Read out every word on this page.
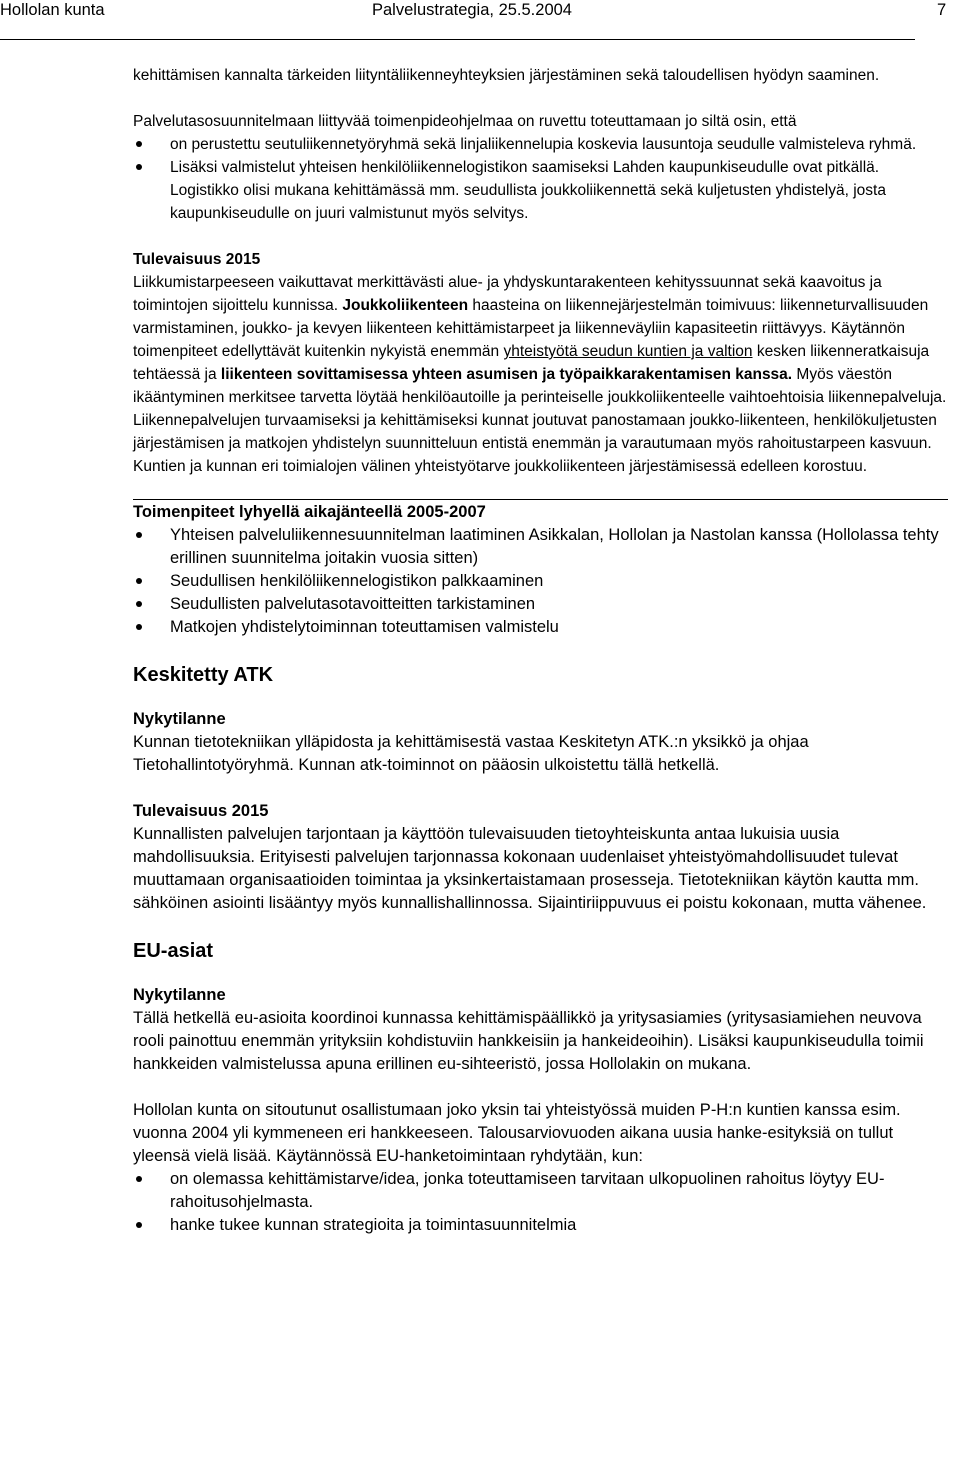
Hollolan kunta	Palvelustrategia, 25.5.2004	7

kehittämisen kannalta tärkeiden liityntäliikenneyhteyksien järjestäminen sekä taloudellisen hyödyn saaminen.

Palvelutasosuunnitelmaan liittyvää toimenpideohjelmaa on ruvettu toteuttamaan jo siltä osin, että

on perustettu seutuliikennetyöryhmä sekä linjaliikennelupia koskevia lausuntoja seudulle valmisteleva ryhmä.
Lisäksi valmistelut yhteisen henkilöliikennelogistikon saamiseksi Lahden kaupunkiseudulle ovat pitkällä. Logistikko olisi mukana kehittämässä mm. seudullista joukkoliikennettä sekä kuljetusten yhdistelyä, josta kaupunkiseudulle on juuri valmistunut myös selvitys.

Tulevaisuus 2015

Liikkumistarpeeseen vaikuttavat merkittävästi alue- ja yhdyskuntarakenteen kehityssuunnat sekä kaavoitus ja toimintojen sijoittelu kunnissa. Joukkoliikenteen haasteina on liikennejärjestelmän toimivuus: liikenneturvallisuuden varmistaminen, joukko- ja kevyen liikenteen kehittämistarpeet ja liikenneväyliin kapasiteetin riittävyys. Käytännön toimenpiteet edellyttävät kuitenkin nykyistä enemmän yhteistyötä seudun kuntien ja valtion kesken liikenneratkaisuja tehtäessä ja liikenteen sovittamisessa yhteen asumisen ja työpaikkarakentamisen kanssa. Myös väestön ikääntyminen merkitsee tarvetta löytää henkilöautoille ja perinteiselle joukkoliikenteelle vaihtoehtoisia liikennepalveluja. Liikennepalvelujen turvaamiseksi ja kehittämiseksi kunnat joutuvat panostamaan joukko-liikenteen, henkilökuljetusten järjestämisen ja matkojen yhdistelyn suunnitteluun entistä enemmän ja varautumaan myös rahoitustarpeen kasvuun. Kuntien ja kunnan eri toimialojen välinen yhteistyötarve joukkoliikenteen järjestämisessä edelleen korostuu.

Toimenpiteet lyhyellä aikajänteellä 2005-2007

Yhteisen palveluliikennesuunnitelman laatiminen Asikkalan, Hollolan ja Nastolan kanssa (Hollolassa tehty erillinen suunnitelma joitakin vuosia sitten)
Seudullisen henkilöliikennelogistikon palkkaaminen
Seudullisten palvelutasotavoitteitten tarkistaminen
Matkojen yhdistelytoiminnan toteuttamisen valmistelu

Keskitetty ATK

Nykytilanne

Kunnan tietotekniikan ylläpidosta ja kehittämisestä vastaa Keskitetyn ATK.:n yksikkö ja ohjaa Tietohallintotyöryhmä. Kunnan atk-toiminnot on pääosin ulkoistettu tällä hetkellä.

Tulevaisuus 2015

Kunnallisten palvelujen tarjontaan ja käyttöön tulevaisuuden tietoyhteiskunta antaa lukuisia uusia mahdollisuuksia. Erityisesti palvelujen tarjonnassa kokonaan uudenlaiset yhteistyömahdollisuudet tulevat muuttamaan organisaatioiden toimintaa ja yksinkertaistamaan prosesseja. Tietotekniikan käytön kautta mm. sähköinen asiointi lisääntyy myös kunnallishallinnossa. Sijaintiriippuvuus ei poistu kokonaan, mutta vähenee.

EU-asiat

Nykytilanne

Tällä hetkellä eu-asioita koordinoi kunnassa kehittämispäällikkö ja yritysasiamies (yritysasiamiehen neuvova rooli painottuu enemmän yrityksiin kohdistuviin hankkeisiin ja hankeideoihin). Lisäksi kaupunkiseudulla toimii hankkeiden valmistelussa apuna erillinen eu-sihteeristö, jossa Hollolakin on mukana.

Hollolan kunta on sitoutunut osallistumaan joko yksin tai yhteistyössä muiden P-H:n kuntien kanssa esim. vuonna 2004 yli kymmeneen eri hankkeeseen. Talousarviovuoden aikana uusia hanke-esityksiä on tullut yleensä vielä lisää. Käytännössä EU-hanketoimintaan ryhdytään, kun:

on olemassa kehittämistarve/idea, jonka toteuttamiseen tarvitaan ulkopuolinen rahoitus löytyy EU- rahoitusohjelmasta.
hanke tukee kunnan strategioita ja toimintasuunnitelmia
